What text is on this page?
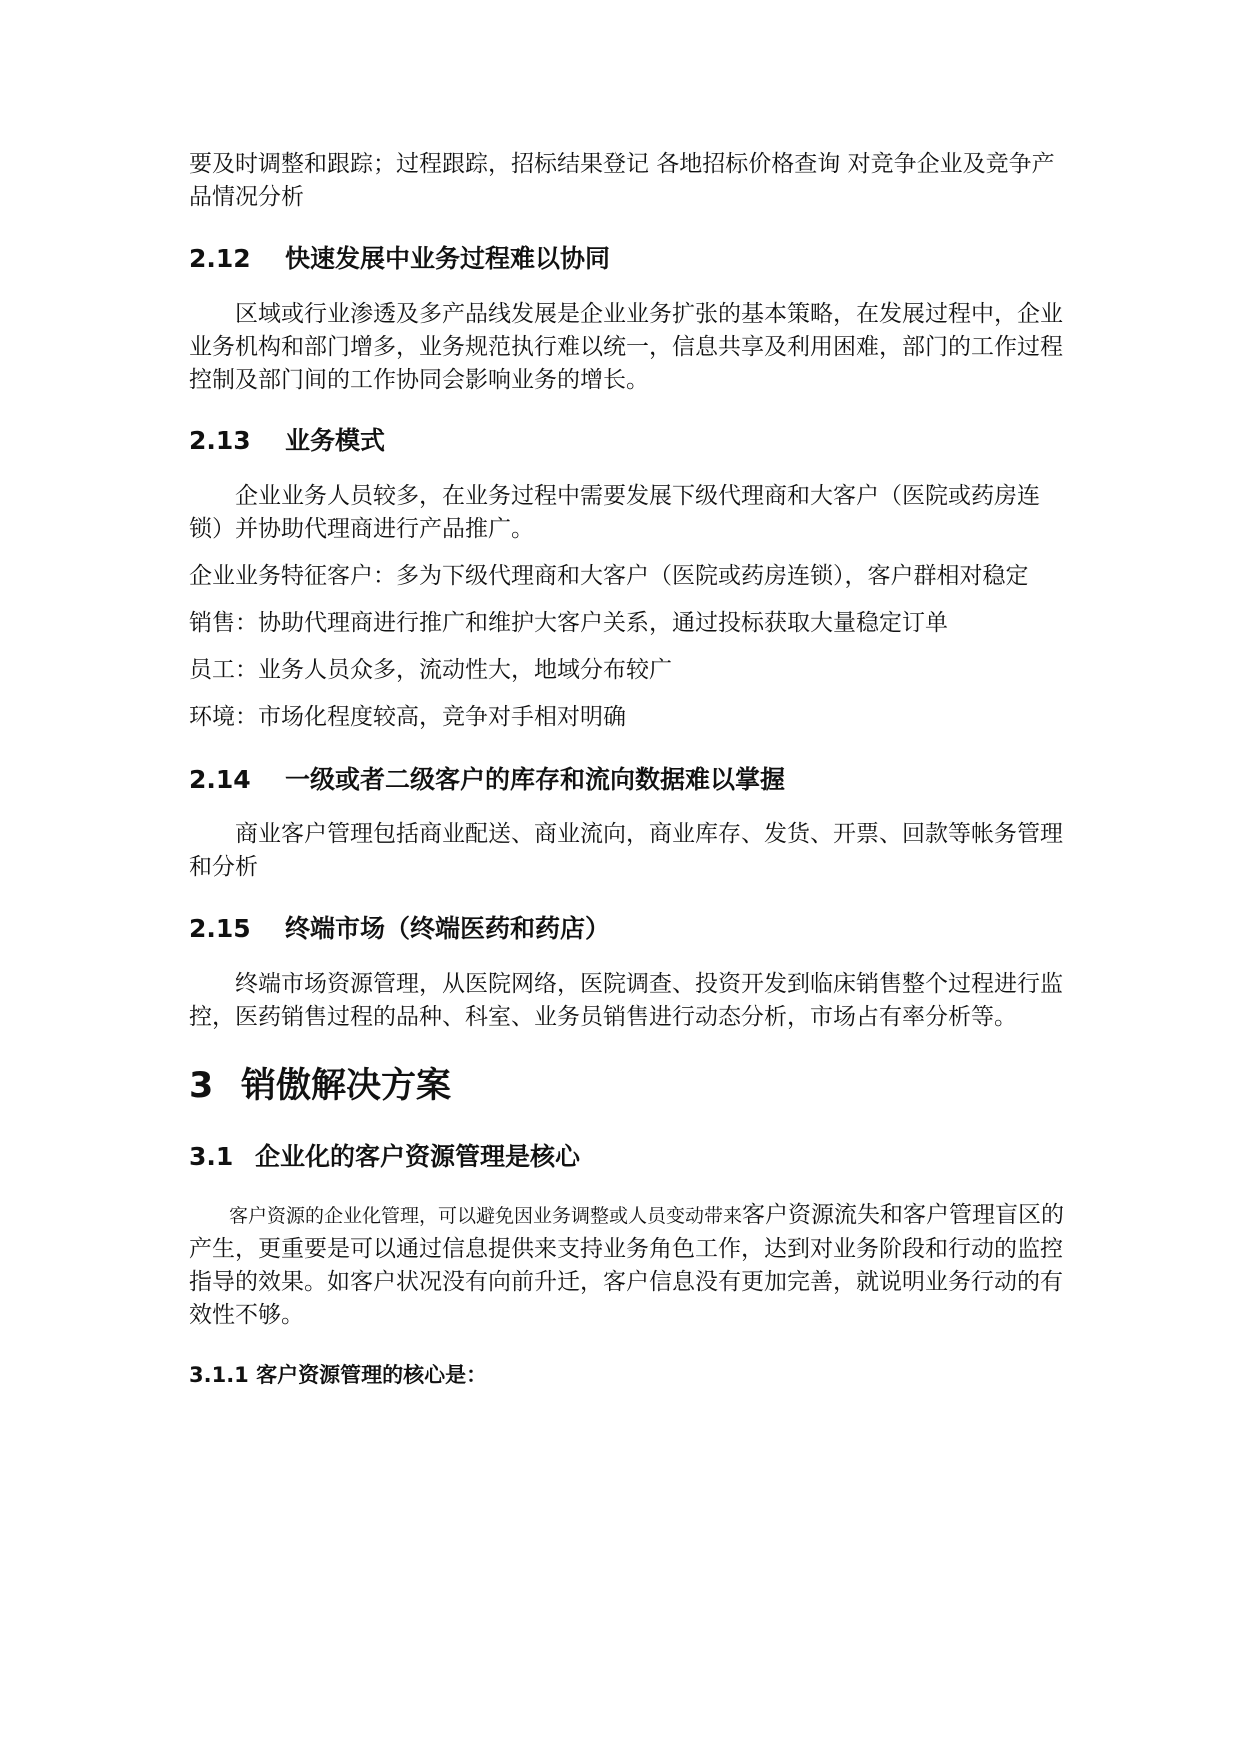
要及时调整和跟踪；过程跟踪，招标结果登记 各地招标价格查询 对竞争企业及竞争产品情况分析

2.12 快速发展中业务过程难以协同

区域或行业渗透及多产品线发展是企业业务扩张的基本策略，在发展过程中，企业业务机构和部门增多，业务规范执行难以统一，信息共享及利用困难，部门的工作过程控制及部门间的工作协同会影响业务的增长。

2.13 业务模式

企业业务人员较多，在业务过程中需要发展下级代理商和大客户（医院或药房连锁）并协助代理商进行产品推广。

企业业务特征客户：多为下级代理商和大客户（医院或药房连锁），客户群相对稳定

销售：协助代理商进行推广和维护大客户关系，通过投标获取大量稳定订单

员工：业务人员众多，流动性大，地域分布较广

环境：市场化程度较高，竞争对手相对明确

2.14 一级或者二级客户的库存和流向数据难以掌握

商业客户管理包括商业配送、商业流向，商业库存、发货、开票、回款等帐务管理和分析

2.15 终端市场（终端医药和药店）

终端市场资源管理，从医院网络，医院调查、投资开发到临床销售整个过程进行监控，医药销售过程的品种、科室、业务员销售进行动态分析，市场占有率分析等。

3 销傲解决方案
3.1 企业化的客户资源管理是核心

客户资源的企业化管理，可以避免因业务调整或人员变动带来客户资源流失和客户管理盲区的产生，更重要是可以通过信息提供来支持业务角色工作，达到对业务阶段和行动的监控指导的效果。如客户状况没有向前升迁，客户信息没有更加完善，就说明业务行动的有效性不够。

3.1.1 客户资源管理的核心是：
